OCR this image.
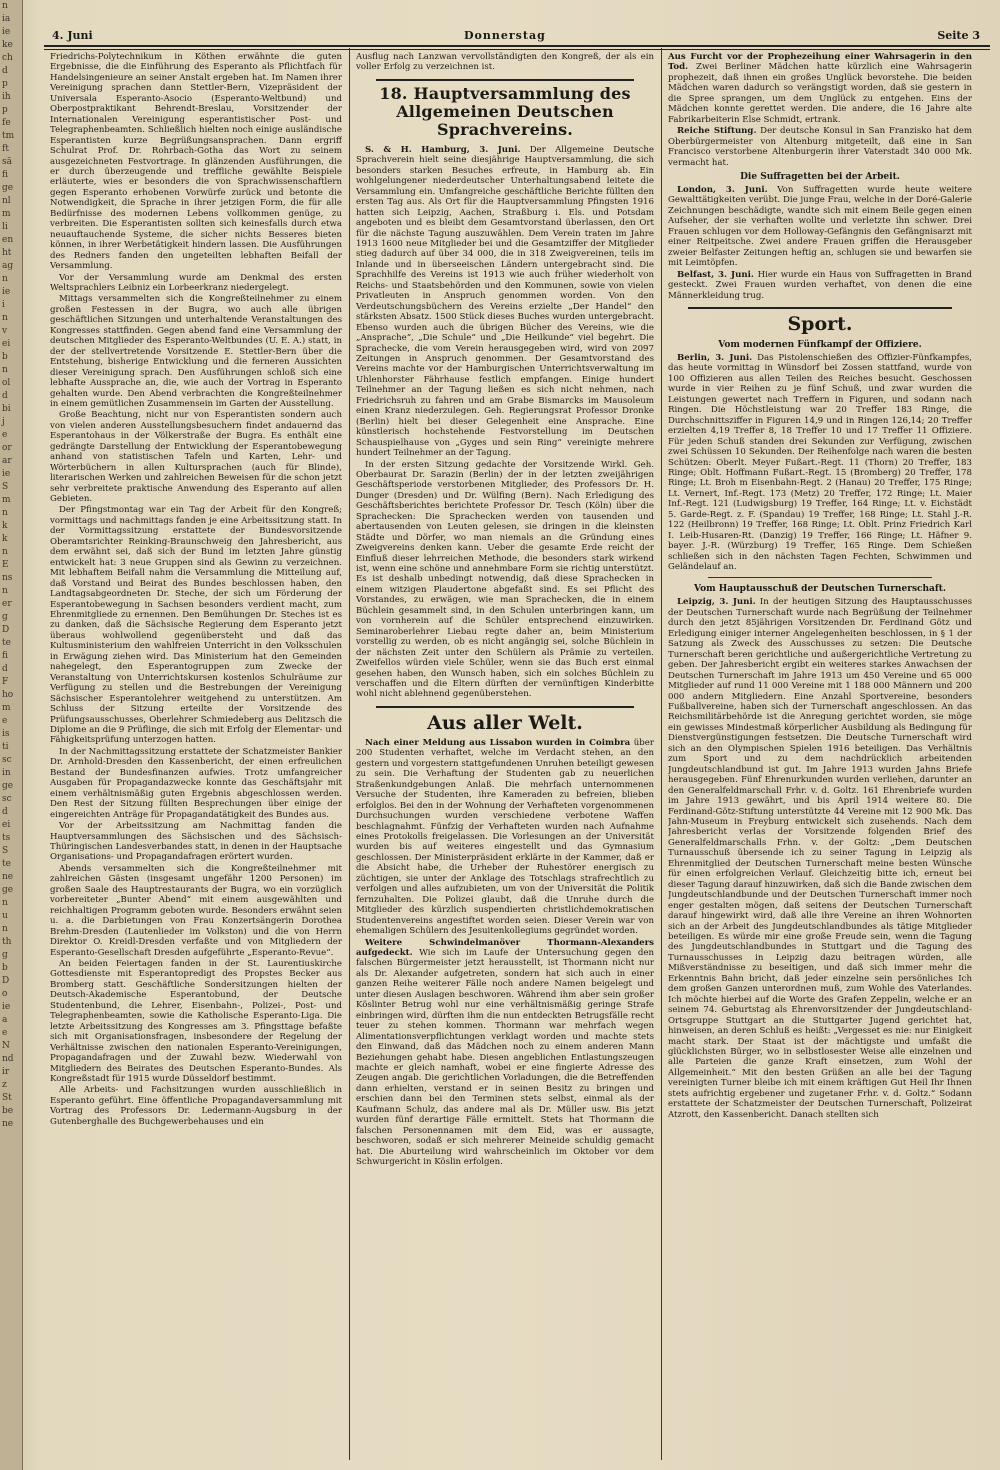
n
ia
ie
ke
ch
d
p
ih
p
fe
tm
ft
sä
fi
ge
nl
m
li
en
ht
ag
n
ie
i
n
v
ei
b
n
ol
d
bi
j
e
or
ar
ie
S
m
n
k
k
n
E
ns
n
er
g
D
te
fi
d
F
ho
m
e
is
ti
sc
in
ge
sc
d
ei
ts
S
te
ne
ge
n
u
n
th
g
b
D
o
ie
a
e
N
nd
ir
z
St
be
ne
4. Juni	Donnerstag	Seite 3

Friedrichs-Polytechnikum in Köthen erwähnte die guten Ergebnisse, die die Einführung des Esperanto als Pflichtfach für Handelsingenieure an seiner Anstalt ergeben hat. Im Namen ihrer Vereinigung sprachen dann Stettler-Bern, Vizepräsident der Universala Esperanto-Asocio (Esperanto-Weltbund) und Oberpostpraktikant Behrendt-Breslau, Vorsitzender der Internationalen Vereinigung esperantistischer Post- und Telegraphenbeamten. Schließlich hielten noch einige ausländische Esperantisten kurze Begrüßungsansprachen. Dann ergriff Schulrat Prof. Dr. Rohrbach-Gotha das Wort zu seinem ausgezeichneten Festvortrage. In glänzenden Ausführungen, die er durch überzeugende und treffliche gewählte Beispiele erläuterte, wies er besonders die von Sprachwissenschaftlern gegen Esperanto erhobenen Vorwürfe zurück und betonte die Notwendigkeit, die Sprache in ihrer jetzigen Form, die für alle Bedürfnisse des modernen Lebens vollkommen genüge, zu verbreiten. Die Esperantisten sollten sich keinesfalls durch etwa neuauftauchende Systeme, die sicher nichts Besseres bieten können, in ihrer Werbetätigkeit hindern lassen. Die Ausführungen des Redners fanden den ungeteilten lebhaften Beifall der Versammlung.

Vor der Versammlung wurde am Denkmal des ersten Weltsprachlers Leibniz ein Lorbeerkranz niedergelegt.

Mittags versammelten sich die Kongreßteilnehmer zu einem großen Festessen in der Bugra, wo auch alle übrigen geschäftlichen Sitzungen und unterhaltende Veranstaltungen des Kongresses stattfinden. Gegen abend fand eine Versammlung der deutschen Mitglieder des Esperanto-Weltbundes (U. E. A.) statt, in der der stellvertretende Vorsitzende E. Stettler-Bern über die Entstehung, bisherige Entwicklung und die ferneren Aussichten dieser Vereinigung sprach. Den Ausführungen schloß sich eine lebhafte Aussprache an, die, wie auch der Vortrag in Esperanto gehalten wurde. Den Abend verbrachten die Kongreßteilnehmer in einem gemütlichen Zusammensein im Garten der Ausstellung.

Große Beachtung, nicht nur von Esperantisten sondern auch von vielen anderen Ausstellungsbesuchern findet andauernd das Esperantohaus in der Völkerstraße der Bugra. Es enthält eine gedrängte Darstellung der Entwicklung der Esperantobewegung anhand von statistischen Tafeln und Karten, Lehr- und Wörterbüchern in allen Kultursprachen (auch für Blinde), literarischen Werken und zahlreichen Beweisen für die schon jetzt sehr verbreitete praktische Anwendung des Esperanto auf allen Gebieten.

Der Pfingstmontag war ein Tag der Arbeit für den Kongreß; vormittags und nachmittags fanden je eine Arbeitssitzung statt. In der Vormittagssitzung erstattete der Bundesvorsitzende Oberamtsrichter Reinking-Braunschweig den Jahresbericht, aus dem erwähnt sei, daß sich der Bund im letzten Jahre günstig entwickelt hat: 3 neue Gruppen sind als Gewinn zu verzeichnen. Mit lebhaftem Beifall nahm die Versammlung die Mitteilung auf, daß Vorstand und Beirat des Bundes beschlossen haben, den Landtagsabgeordneten Dr. Steche, der sich um Förderung der Esperantobewegung in Sachsen besonders verdient macht, zum Ehrenmitgliede zu ernennen. Den Bemühungen Dr. Steches ist es zu danken, daß die Sächsische Regierung dem Esperanto jetzt überaus wohlwollend gegenübersteht und daß das Kultusministerium den wahlfreien Unterricht in den Volksschulen in Erwägung ziehen wird. Das Ministerium hat den Gemeinden nahegelegt, den Esperantogruppen zum Zwecke der Veranstaltung von Unterrichtskursen kostenlos Schulräume zur Verfügung zu stellen und die Bestrebungen der Vereinigung Sächsischer Esperantolehrer weitgehend zu unterstützen. Am Schluss der Sitzung erteilte der Vorsitzende des Prüfungsausschusses, Oberlehrer Schmiedeberg aus Delitzsch die Diplome an die 9 Prüflinge, die sich mit Erfolg der Elementar- und Fähigkeitsprüfung unterzogen hatten.

In der Nachmittagssitzung erstattete der Schatzmeister Bankier Dr. Arnhold-Dresden den Kassenbericht, der einen erfreulichen Bestand der Bundesfinanzen aufwies. Trotz umfangreicher Ausgaben für Propagandazwecke konnte das Geschäftsjahr mit einem verhältnismäßig guten Ergebnis abgeschlossen werden. Den Rest der Sitzung füllten Besprechungen über einige der eingereichten Anträge für Propagandatätigkeit des Bundes aus.

Vor der Arbeitssitzung am Nachmittag fanden die Hauptversammlungen des Sächsischen und des Sächsisch-Thüringischen Landesverbandes statt, in denen in der Hauptsache Organisations- und Propagandafragen erörtert wurden.

Abends versammelten sich die Kongreßteilnehmer mit zahlreichen Gästen (insgesamt ungefähr 1200 Personen) im großen Saale des Hauptrestaurants der Bugra, wo ein vorzüglich vorbereiteter „Bunter Abend“ mit einem ausgewählten und reichhaltigen Programm geboten wurde. Besonders erwähnt seien u. a. die Darbietungen von Frau Konzertsängerin Dorothea Brehm-Dresden (Lautenlieder im Volkston) und die von Herrn Direktor O. Kreidl-Dresden verfaßte und von Mitgliedern der Esperanto-Gesellschaft Dresden aufgeführte „Esperanto-Revue“.

An beiden Feiertagen fanden in der St. Laurentiuskirche Gottesdienste mit Esperantopredigt des Propstes Becker aus Bromberg statt. Geschäftliche Sondersitzungen hielten der Deutsch-Akademische Esperantobund, der Deutsche Studentenbund, die Lehrer, Eisenbahn-, Polizei-, Post- und Telegraphenbeamten, sowie die Katholische Esperanto-Liga. Die letzte Arbeitssitzung des Kongresses am 3. Pfingsttage befaßte sich mit Organisationsfragen, insbesondere der Regelung der Verhältnisse zwischen den nationalen Esperanto-Vereinigungen, Propagandafragen und der Zuwahl bezw. Wiederwahl von Mitgliedern des Beirates des Deutschen Esperanto-Bundes. Als Kongreßstadt für 1915 wurde Düsseldorf bestimmt.

Alle Arbeits- und Fachsitzungen wurden ausschließlich in Esperanto geführt. Eine öffentliche Propagandaversammlung mit Vortrag des Professors Dr. Ledermann-Augsburg in der Gutenberghalle des Buchgewerbehauses und ein

Ausflug nach Lanzwan vervollständigten den Kongreß, der als ein voller Erfolg zu verzeichnen ist.

18. Hauptversammlung des Allgemeinen Deutschen Sprachvereins.

S. & H. Hamburg, 3. Juni. Der Allgemeine Deutsche Sprachverein hielt seine diesjährige Hauptversammlung, die sich besonders starken Besuches erfreute, in Hamburg ab. Ein wohlgelungener niederdeutscher Unterhaltungsabend leitete die Versammlung ein. Umfangreiche geschäftliche Berichte füllten den ersten Tag aus. Als Ort für die Hauptversammlung Pfingsten 1916 hatten sich Leipzig, Aachen, Straßburg i. Els. und Potsdam angeboten und es bleibt dem Gesamtvorstand überlassen, den Ort für die nächste Tagung auszuwählen. Dem Verein traten im Jahre 1913 1600 neue Mitglieder bei und die Gesamtziffer der Mitglieder stieg dadurch auf über 34 000, die in 318 Zweigvereinen, teils im Inlande und in überseeischen Ländern untergebracht sind. Die Sprachhilfe des Vereins ist 1913 wie auch früher wiederholt von Reichs- und Staatsbehörden und den Kommunen, sowie von vielen Privatleuten in Anspruch genommen worden. Von den Verdeutschungsbüchern des Vereins erzielte „Der Handel“ den stärksten Absatz. 1500 Stück dieses Buches wurden untergebracht. Ebenso wurden auch die übrigen Bücher des Vereins, wie die „Ansprache“, „Die Schule“ und „Die Heilkunde“ viel begehrt. Die Sprachecke, die vom Verein herausgegeben wird, wird von 2097 Zeitungen in Anspruch genommen. Der Gesamtvorstand des Vereins machte vor der Hamburgischen Unterrichtsverwaltung im Uhlenhorster Fährhause festlich empfangen. Einige hundert Teilnehmer an der Tagung ließen es sich nicht nehmen, nach Friedrichsruh zu fahren und am Grabe Bismarcks im Mausoleum einen Kranz niederzulegen. Geh. Regierungsrat Professor Dronke (Berlin) hielt bei dieser Gelegenheit eine Ansprache. Eine künstlerisch hochstehende Festvorstellung im Deutschen Schauspielhause von „Gyges und sein Ring“ vereinigte mehrere hundert Teilnehmer an der Tagung.

In der ersten Sitzung gedachte der Vorsitzende Wirkl. Geh. Oberbaurat Dr. Sarazin (Berlin) der in der letzten zweijährigen Geschäftsperiode verstorbenen Mitglieder, des Professors Dr. H. Dunger (Dresden) und Dr. Wülfing (Bern). Nach Erledigung des Geschäftsberichtes berichtete Professor Dr. Tesch (Köln) über die Sprachecken: Die Sprachecken werden von tausenden und abertausenden von Leuten gelesen, sie dringen in die kleinsten Städte und Dörfer, wo man niemals an die Gründung eines Zweigvereins denken kann. Ueber die gesamte Erde reicht der Einfluß dieser lehrreichen Methode, die besonders stark wirkend ist, wenn eine schöne und annehmbare Form sie richtig unterstützt. Es ist deshalb unbedingt notwendig, daß diese Sprachecken in einem witzigen Plaudertone abgefaßt sind. Es sei Pflicht des Vorstandes, zu erwägen, wie man Sprachecken, die in einem Büchlein gesammelt sind, in den Schulen unterbringen kann, um von vornherein auf die Schüler entsprechend einzuwirken. Seminaroberlehrer Liebau regte daher an, beim Ministerium vorstellig zu werden, ob es nicht angängig sei, solche Büchlein in der nächsten Zeit unter den Schülern als Prämie zu verteilen. Zweifellos würden viele Schüler, wenn sie das Buch erst einmal gesehen haben, den Wunsch haben, sich ein solches Büchlein zu verschaffen und die Eltern dürften der vernünftigen Kinderbitte wohl nicht ablehnend gegenüberstehen.

Aus aller Welt.

Nach einer Meldung aus Lissabon wurden in Coimbra über 200 Studenten verhaftet, welche im Verdacht stehen, an den gestern und vorgestern stattgefundenen Unruhen beteiligt gewesen zu sein. Die Verhaftung der Studenten gab zu neuerlichen Straßenkundgebungen Anlaß. Die mehrfach unternommenen Versuche der Studenten, ihre Kameraden zu befreien, blieben erfolglos. Bei den in der Wohnung der Verhafteten vorgenommenen Durchsuchungen wurden verschiedene verbotene Waffen beschlagnahmt. Fünfzig der Verhafteten wurden nach Aufnahme eines Protokolls freigelassen. Die Vorlesungen an der Universität wurden bis auf weiteres eingestellt und das Gymnasium geschlossen. Der Ministerpräsident erklärte in der Kammer, daß er die Absicht habe, die Urheber der Ruhestörer energisch zu züchtigen, sie unter der Anklage des Totschlags strafrechtlich zu verfolgen und alles aufzubieten, um von der Universität die Politik fernzuhalten. Die Polizei glaubt, daß die Unruhe durch die Mitglieder des kürzlich suspendierten christlichdemokratischen Studentenvereins angestiftet worden seien. Dieser Verein war von ehemaligen Schülern des Jesuitenkollegiums gegründet worden.

Weitere Schwindelmanöver Thormann-Alexanders aufgedeckt. Wie sich im Laufe der Untersuchung gegen den falschen Bürgermeister jetzt herausstellt, ist Thormann nicht nur als Dr. Alexander aufgetreten, sondern hat sich auch in einer ganzen Reihe weiterer Fälle noch andere Namen beigelegt und unter diesen Auslagen beschworen. Während ihm aber sein großer Köslinter Betrug wohl nur eine verhältnismäßig geringe Strafe einbringen wird, dürften ihm die nun entdeckten Betrugsfälle recht teuer zu stehen kommen. Thormann war mehrfach wegen Alimentationsverpflichtungen verklagt worden und machte stets den Einwand, daß das Mädchen noch zu einem anderen Mann Beziehungen gehabt habe. Diesen angeblichen Entlastungszeugen machte er gleich namhaft, wobei er eine fingierte Adresse des Zeugen angab. Die gerichtlichen Vorladungen, die die Betreffenden dann erhielten, verstand er in seinen Besitz zu bringen und erschien dann bei den Terminen stets selbst, einmal als der Kaufmann Schulz, das andere mal als Dr. Müller usw. Bis jetzt wurden fünf derartige Fälle ermittelt. Stets hat Thormann die falschen Personennamen mit dem Eid, was er aussagte, beschworen, sodaß er sich mehrerer Meineide schuldig gemacht hat. Die Aburteilung wird wahrscheinlich im Oktober vor dem Schwurgericht in Köslin erfolgen.

Aus Furcht vor der Prophezeihung einer Wahrsagerin in den Tod. Zwei Berliner Mädchen hatte kürzlich eine Wahrsagerin prophezeit, daß ihnen ein großes Unglück bevorstehe. Die beiden Mädchen waren dadurch so verängstigt worden, daß sie gestern in die Spree sprangen, um dem Unglück zu entgehen. Eins der Mädchen konnte gerettet werden. Die andere, die 16 Jahre alte Fabrikarbeiterin Else Schmidt, ertrank.

Reiche Stiftung. Der deutsche Konsul in San Franzisko hat dem Oberbürgermeister von Altenburg mitgeteilt, daß eine in San Francisco verstorbene Altenburgerin ihrer Vaterstadt 340 000 Mk. vermacht hat.

Die Suffragetten bei der Arbeit.

London, 3. Juni. Von Suffragetten wurde heute weitere Gewalttätigkeiten verübt. Die junge Frau, welche in der Doré-Galerie Zeichnungen beschädigte, wandte sich mit einem Beile gegen einen Aufseher, der sie verhaften wollte und verletzte ihn schwer. Drei Frauen schlugen vor dem Holloway-Gefängnis den Gefängnisarzt mit einer Reitpeitsche. Zwei andere Frauen griffen die Herausgeber zweier Belfaster Zeitungen heftig an, schlugen sie und bewarfen sie mit Leimtöpfen.

Belfast, 3. Juni. Hier wurde ein Haus von Suffragetten in Brand gesteckt. Zwei Frauen wurden verhaftet, von denen die eine Männerkleidung trug.

Sport.
Vom modernen Fünfkampf der Offiziere.

Berlin, 3. Juni. Das Pistolenschießen des Offizier-Fünfkampfes, das heute vormittag in Wünsdorf bei Zossen stattfand, wurde von 100 Offizieren aus allen Teilen des Reiches besucht. Geschossen wurde in vier Reihen zu je fünf Schuß, und zwar wurden die Leistungen gewertet nach Treffern in Figuren, und sodann nach Ringen. Die Höchstleistung war 20 Treffer 183 Ringe, die Durchschnittsziffer in Figuren 14,9 und in Ringen 126,14; 20 Treffer erzielten 4,19 Treffer 8, 18 Treffer 10 und 17 Treffer 11 Offiziere. Für jeden Schuß standen drei Sekunden zur Verfügung, zwischen zwei Schüssen 10 Sekunden. Der Reihenfolge nach waren die besten Schützen: Oberlt. Meyer Fußart.-Regt. 11 (Thorn) 20 Treffer, 183 Ringe; Oblt. Hoffmann Fußart.-Regt. 15 (Bromberg) 20 Treffer, 178 Ringe; Lt. Broh m Eisenbahn-Regt. 2 (Hanau) 20 Treffer, 175 Ringe; Lt. Vernert, Inf.-Regt. 173 (Metz) 20 Treffer, 172 Ringe; Lt. Maier Inf.-Regt. 121 (Ludwigsburg) 19 Treffer, 164 Ringe; Lt. v. Eichstädt 5. Garde-Regt. z. F. (Spandau) 19 Treffer, 168 Ringe; Lt. Stahl J.-R. 122 (Heilbronn) 19 Treffer, 168 Ringe; Lt. Oblt. Prinz Friedrich Karl I. Leib-Husaren-Rt. (Danzig) 19 Treffer, 166 Ringe; Lt. Häfner 9. bayer. J.-R. (Würzburg) 19 Treffer, 165 Ringe. Dem Schießen schließen sich in den nächsten Tagen Fechten, Schwimmen und Geländelauf an.

Vom Hauptausschuß der Deutschen Turnerschaft.

Leipzig, 3. Juni. In der heutigen Sitzung des Hauptausschusses der Deutschen Turnerschaft wurde nach Begrüßung der Teilnehmer durch den jetzt 85jährigen Vorsitzenden Dr. Ferdinand Götz und Erledigung einiger interner Angelegenheiten beschlossen, in § 1 der Satzung als Zweck des Ausschusses zu setzen: Die Deutsche Turnerschaft beren gerichtliche und außergerichtliche Vertretung zu geben. Der Jahresbericht ergibt ein weiteres starkes Anwachsen der Deutschen Turnerschaft im Jahre 1913 um 450 Vereine und 65 000 Mitglieder auf rund 11 000 Vereine mit 1 188 000 Männern und 200 000 andern Mitgliedern. Eine Anzahl Sportvereine, besonders Fußballvereine, haben sich der Turnerschaft angeschlossen. An das Reichsmilitärbehörde ist die Anregung gerichtet worden, sie möge ein gewisses Mindestmaß körperlicher Ausbildung als Bedingung für Dienstvergünstigungen festsetzen. Die Deutsche Turnerschaft wird sich an den Olympischen Spielen 1916 beteiligen. Das Verhältnis zum Sport und zu dem nachdrücklich arbeitenden Jungdeutschlandbund ist gut. Im Jahre 1913 wurden Jahns Briefe herausgegeben. Fünf Ehrenurkunden wurden verliehen, darunter an den Generalfeldmarschall Frhr. v. d. Goltz. 161 Ehrenbriefe wurden im Jahre 1913 gewährt, und bis April 1914 weitere 80. Die Ferdinand-Götz-Stiftung unterstützte 44 Vereine mit 12 900 Mk. Das Jahn-Museum in Freyburg entwickelt sich zusehends. Nach dem Jahresbericht verlas der Vorsitzende folgenden Brief des Generalfeldmarschalls Frhn. v. der Goltz: „Dem Deutschen Turnausschuß übersende ich zu seiner Tagung in Leipzig als Ehrenmitglied der Deutschen Turnerschaft meine besten Wünsche für einen erfolgreichen Verlauf. Gleichzeitig bitte ich, erneut bei dieser Tagung darauf hinzuwirken, daß sich die Bande zwischen dem Jungdeutschlandbunde und der Deutschen Turnerschaft immer noch enger gestalten mögen, daß seitens der Deutschen Turnerschaft darauf hingewirkt wird, daß alle ihre Vereine an ihren Wohnorten sich an der Arbeit des Jungdeutschlandbundes als tätige Mitglieder beteiligen. Es würde mir eine große Freude sein, wenn die Tagung des Jungdeutschlandbundes in Stuttgart und die Tagung des Turnausschusses in Leipzig dazu beitragen würden, alle Mißverständnisse zu beseitigen, und daß sich immer mehr die Erkenntnis Bahn bricht, daß jeder einzelne sein persönliches Ich dem großen Ganzen unterordnen muß, zum Wohle des Vaterlandes. Ich möchte hierbei auf die Worte des Grafen Zeppelin, welche er an seinem 74. Geburtstag als Ehrenvorsitzender der Jungdeutschland-Ortsgruppe Stuttgart an die Stuttgarter Jugend gerichtet hat, hinweisen, an deren Schluß es heißt: „Vergesset es nie: nur Einigkeit macht stark. Der Staat ist der mächtigste und umfaßt die glücklichsten Bürger, wo in selbstlosester Weise alle einzelnen und alle Parteien die ganze Kraft einsetzen, zum Wohl der Allgemeinheit.“ Mit den besten Grüßen an alle bei der Tagung vereinigten Turner bleibe ich mit einem kräftigen Gut Heil Ihr Ihnen stets aufrichtig ergebener und zugetaner Frhr. v. d. Goltz.“ Sodann erstattete der Schatzmeister der Deutschen Turnerschaft, Polizeirat Atzrott, den Kassenbericht. Danach stellten sich
